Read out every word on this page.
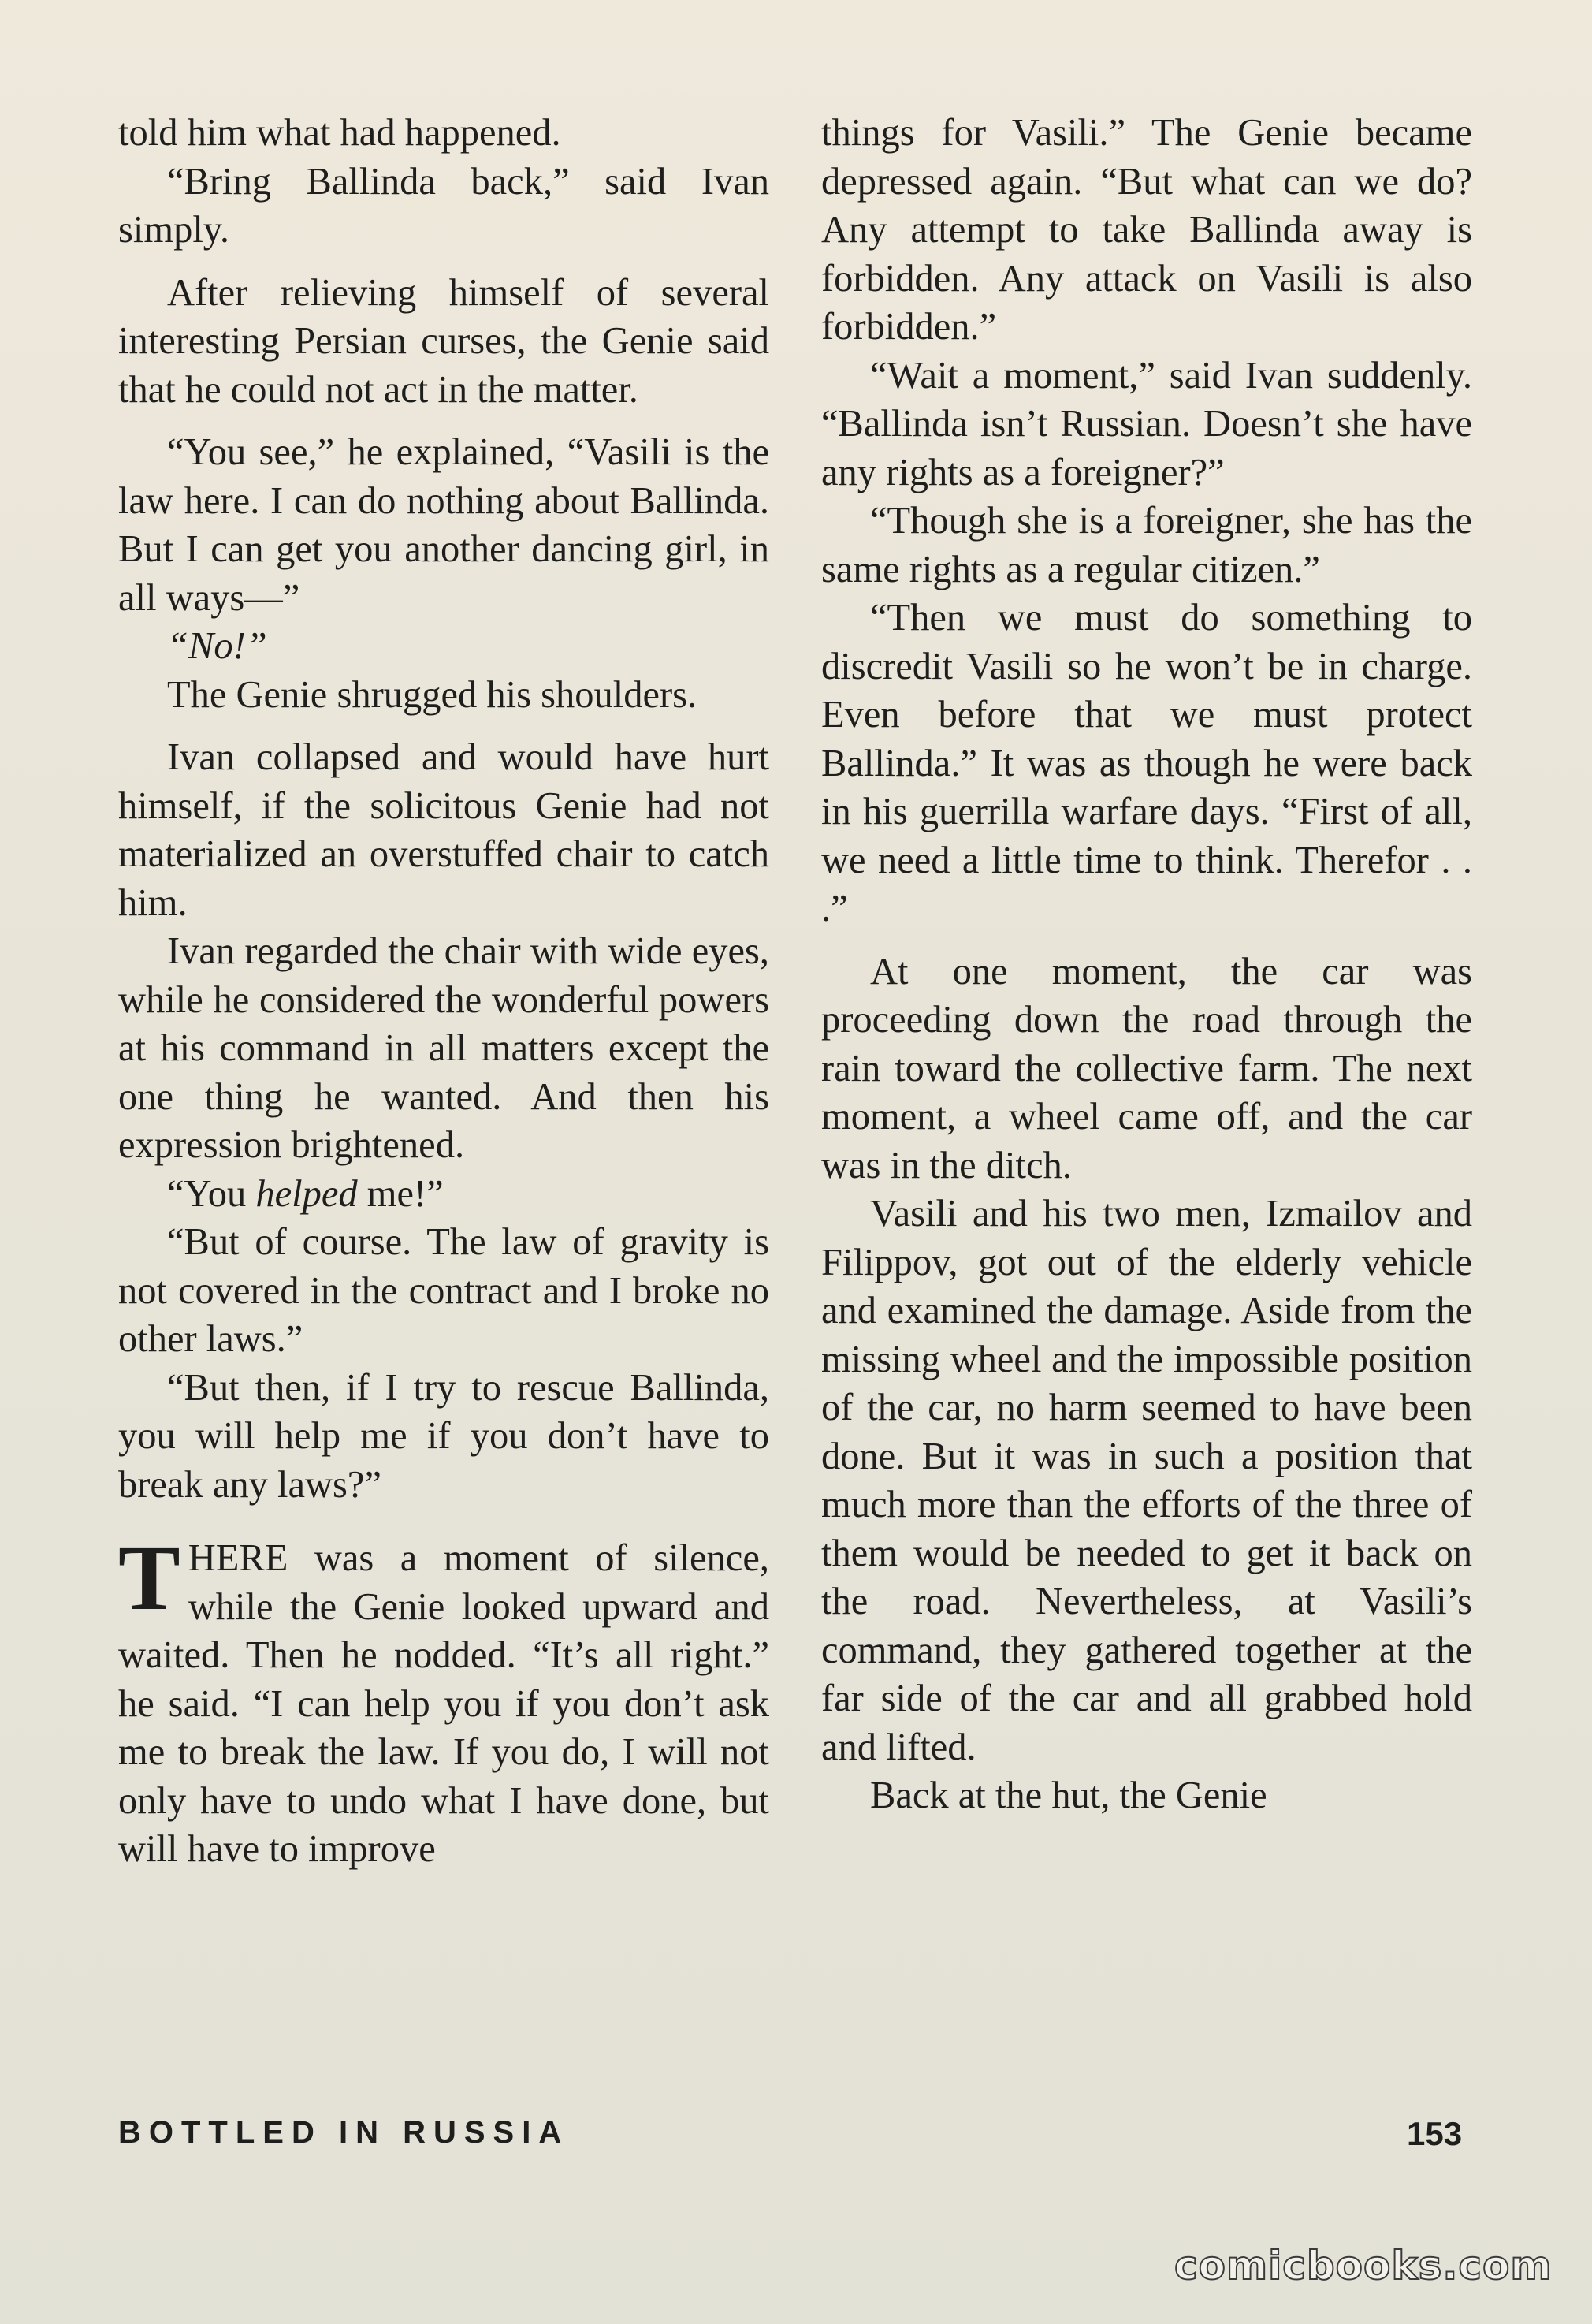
told him what had happened.

“Bring Ballinda back,” said Ivan simply.

After relieving himself of several interesting Persian curses, the Genie said that he could not act in the matter.

“You see,” he explained, “Vasili is the law here. I can do nothing about Ballinda. But I can get you another dancing girl, in all ways—”

“No!”

The Genie shrugged his shoulders.

Ivan collapsed and would have hurt himself, if the solicitous Genie had not materialized an overstuffed chair to catch him.

Ivan regarded the chair with wide eyes, while he considered the wonderful powers at his command in all matters except the one thing he wanted. And then his expression brightened.

“You helped me!”

“But of course. The law of gravity is not covered in the contract and I broke no other laws.”

“But then, if I try to rescue Ballinda, you will help me if you don’t have to break any laws?”

THERE was a moment of silence, while the Genie looked upward and waited. Then he nodded. “It’s all right.” he said. “I can help you if you don’t ask me to break the law. If you do, I will not only have to undo what I have done, but will have to improve

things for Vasili.” The Genie became depressed again. “But what can we do? Any attempt to take Ballinda away is forbidden. Any attack on Vasili is also forbidden.”

“Wait a moment,” said Ivan suddenly. “Ballinda isn’t Russian. Doesn’t she have any rights as a foreigner?”

“Though she is a foreigner, she has the same rights as a regular citizen.”

“Then we must do something to discredit Vasili so he won’t be in charge. Even before that we must protect Ballinda.” It was as though he were back in his guerrilla warfare days. “First of all, we need a little time to think. Therefor . . .”

At one moment, the car was proceeding down the road through the rain toward the collective farm. The next moment, a wheel came off, and the car was in the ditch.

Vasili and his two men, Izmailov and Filippov, got out of the elderly vehicle and examined the damage. Aside from the missing wheel and the impossible position of the car, no harm seemed to have been done. But it was in such a position that much more than the efforts of the three of them would be needed to get it back on the road. Nevertheless, at Vasili’s command, they gathered together at the far side of the car and all grabbed hold and lifted.

Back at the hut, the Genie

BOTTLED IN RUSSIA	153
comicbooks.com
